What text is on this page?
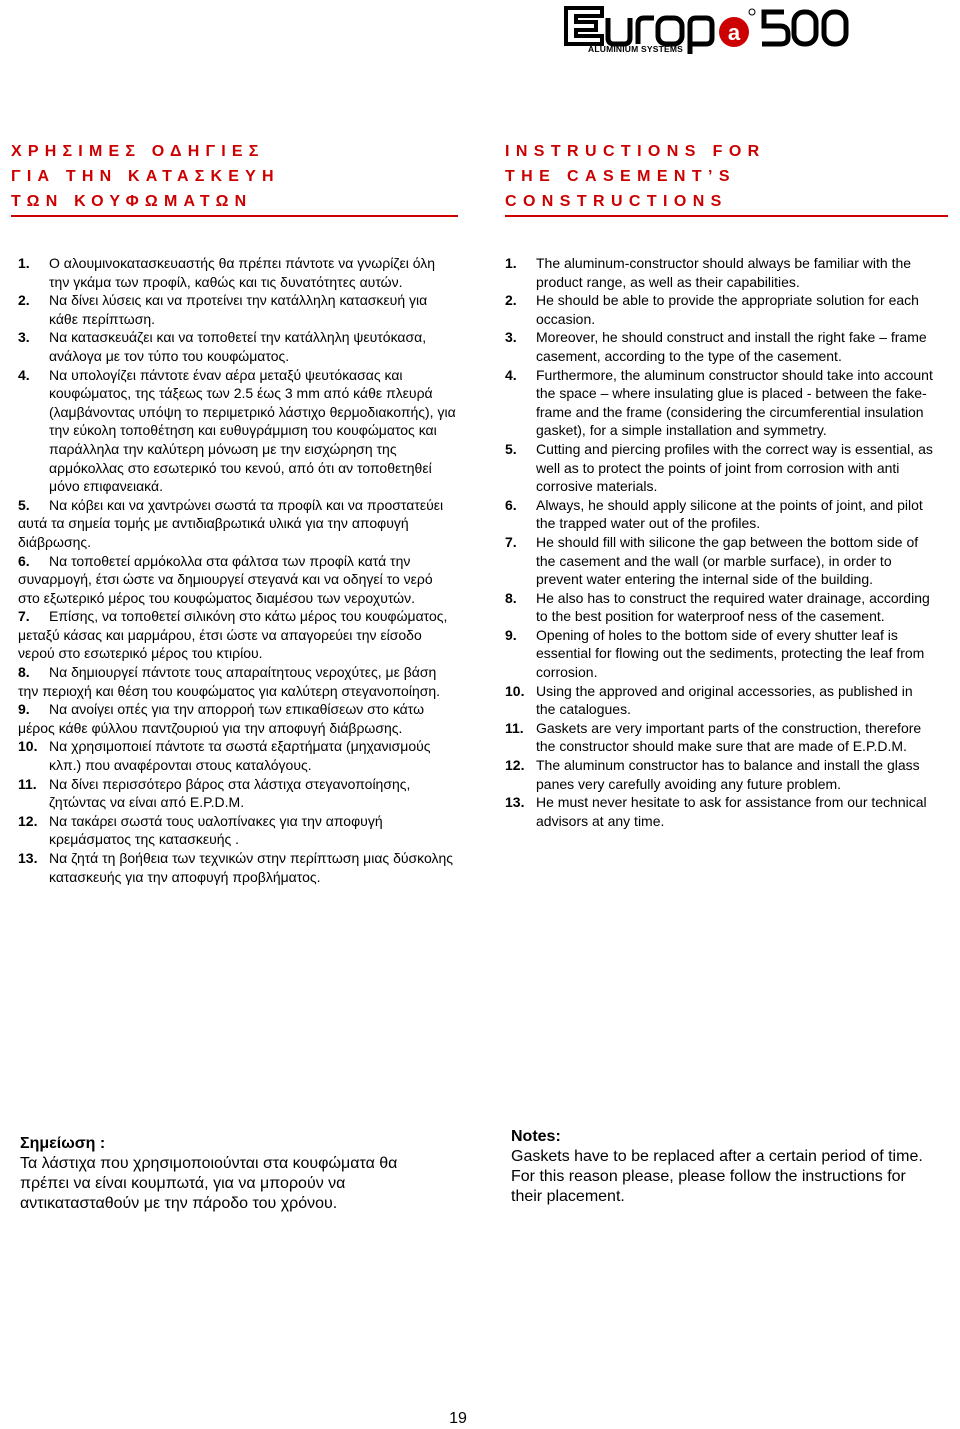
a
ALUMINIUM SYSTEMS
ΧΡΗΣΙΜΕΣ ΟΔΗΓΙΕΣ
ΓΙΑ ΤΗΝ ΚΑΤΑΣΚΕΥΗ
ΤΩΝ ΚΟΥΦΩΜΑΤΩΝ
INSTRUCTIONS FOR
THE CASEMENT’S
CONSTRUCTIONS
1.	Ο αλουμινοκατασκευαστής θα πρέπει πάντοτε να γνωρίζει όλη την γκάμα των προφίλ, καθώς και τις δυνατότητες αυτών.
2.	Να δίνει λύσεις και να προτείνει την κατάλληλη κατασκευή για κάθε περίπτωση.
3.	Να κατασκευάζει και να τοποθετεί την κατάλληλη ψευτόκασα, ανάλογα με τον τύπο του κουφώματος.
4.	Να υπολογίζει πάντοτε έναν αέρα μεταξύ ψευτόκασας και κουφώματος, της τάξεως των 2.5 έως 3 mm από κάθε πλευρά (λαμβάνοντας υπόψη το περιμετρικό λάστιχο θερμοδιακοπής), για την εύκολη τοποθέτηση και ευθυγράμμιση του κουφώματος και παράλληλα την καλύτερη μόνωση με την εισχώρηση της αρμόκολλας στο εσωτερικό του κενού, από ότι αν τοποθετηθεί μόνο επιφανειακά.
5.	Να κόβει και να χαντρώνει σωστά τα προφίλ και να προστατεύει αυτά τα σημεία τομής με αντιδιαβρωτικά υλικά για την αποφυγή διάβρωσης.
6.	Να τοποθετεί αρμόκολλα στα φάλτσα των προφίλ κατά την συναρμογή, έτσι ώστε να δημιουργεί στεγανά και να οδηγεί το νερό στο εξωτερικό μέρος του κουφώματος διαμέσου των νεροχυτών.
7.	Επίσης, να τοποθετεί σιλικόνη στο κάτω μέρος του κουφώματος, μεταξύ κάσας και μαρμάρου, έτσι ώστε να απαγορεύει την είσοδο νερού στο εσωτερικό μέρος του κτιρίου.
8.	Να δημιουργεί πάντοτε τους απαραίτητους νεροχύτες, με βάση την περιοχή και θέση του κουφώματος για καλύτερη στεγανοποίηση.
9.	Να ανοίγει οπές για την απορροή των επικαθίσεων στο κάτω μέρος κάθε φύλλου παντζουριού για την αποφυγή διάβρωσης.
10. Να χρησιμοποιεί πάντοτε τα σωστά εξαρτήματα (μηχανισμούς κλπ.) που αναφέρονται στους καταλόγους.
11. Να δίνει περισσότερο βάρος στα λάστιχα στεγανοποίησης, ζητώντας να είναι από E.P.D.M.
12. Να τακάρει σωστά τους υαλοπίνακες για την αποφυγή κρεμάσματος της κατασκευής .
13. Να ζητά τη βοήθεια των τεχνικών στην περίπτωση μιας δύσκολης κατασκευής για την αποφυγή προβλήματος.
1.	The aluminum-constructor should always be familiar with the product range, as well as their capabilities.
2.	He should be able to provide the appropriate solution for each occasion.
3.	Moreover, he should construct and install the right fake – frame casement, according to the type of the casement.
4.	Furthermore, the aluminum constructor should take into account the space – where insulating glue is placed - between the fake-frame and the frame (considering the circumferential insulation gasket), for a simple installation and symmetry.
5.	Cutting and piercing profiles with the correct way is essential, as well as to protect the points of joint from corrosion with anti corrosive materials.
6.	Always, he should apply silicone at the points of joint, and pilot the trapped water out of the profiles.
7.	He should fill with silicone the gap between the bottom side of the casement and the wall (or marble surface), in order to prevent water entering the internal side of the building.
8.	He also has to construct the required water drainage, according to the best position for waterproof ness of the casement.
9.	Opening of holes to the bottom side of every shutter leaf is essential for flowing out the sediments, protecting the leaf from corrosion.
10. Using the approved and original accessories, as published in the catalogues.
11. Gaskets are very important parts of the construction, therefore the constructor should make sure that are made of E.P.D.M.
12. The aluminum constructor has to balance and install the glass panes very carefully avoiding any future problem.
13. He must never hesitate to ask for assistance from our technical advisors at any time.
Σημείωση :
Τα λάστιχα που χρησιμοποιούνται στα κουφώματα θα πρέπει να είναι κουμπωτά, για να μπορούν να αντικατασταθούν με την πάροδο του χρόνου.
Notes:
Gaskets have to be replaced after a certain period of time. For this reason please, please follow the instructions for their placement.
19
